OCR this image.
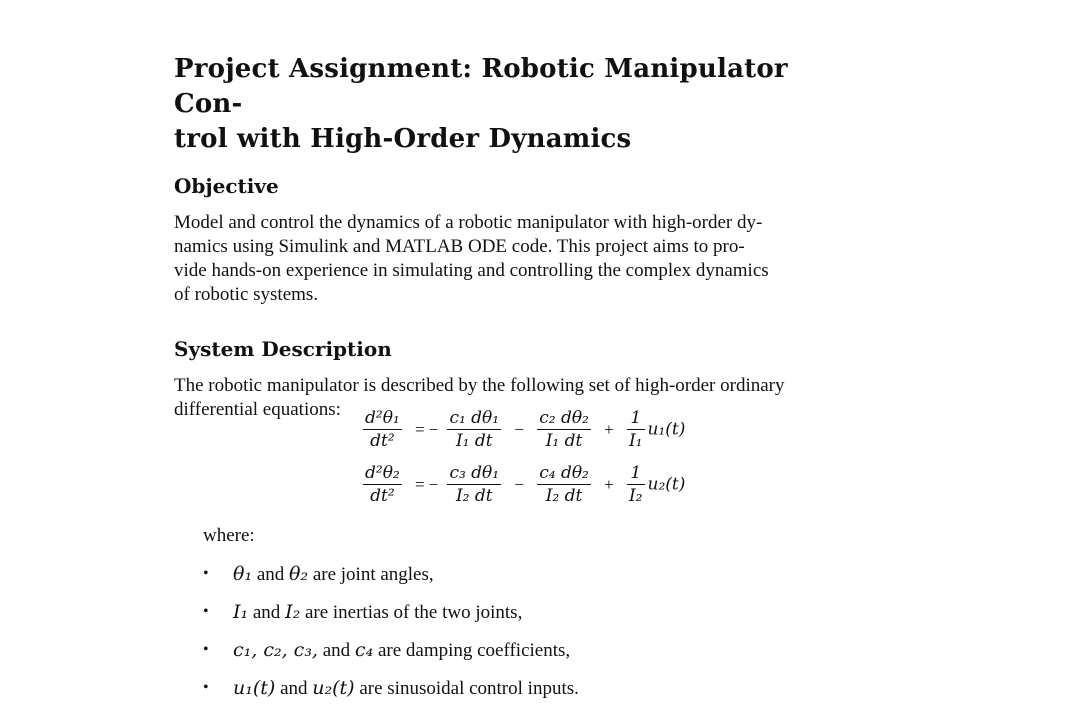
Project Assignment: Robotic Manipulator Con-
trol with High-Order Dynamics
Objective

Model and control the dynamics of a robotic manipulator with high-order dy-
namics using Simulink and MATLAB ODE code. This project aims to pro-
vide hands-on experience in simulating and controlling the complex dynamics
of robotic systems.

System Description

The robotic manipulator is described by the following set of high-order ordinary
differential equations:	$\frac{\text{d²θ₁}}{\text{dt²}}$ = − $\frac{\text{c₁ dθ₁}}{\text{I₁ dt}} - \frac{\text{c₂ dθ₂}}{\text{I₁ dt}} + \frac{1}{\text{I₁}} u_1(t)$
$\frac{\text{d²θ₂}}{\text{dt²}}$ = − $\frac{\text{c₃ dθ₁}}{\text{I₂ dt}} - \frac{\text{c₄ dθ₂}}{\text{I₂ dt}} + \frac{1}{\text{I₂}} u_2(t)$
where:
• θ₁ and θ₂ are joint angles,
• I₁ and I₂ are inertias of the two joints,
• c₁, c₂, c₃, and c₄ are damping coefficients,
• u₁(t) and u₂(t) are sinusoidal control inputs.
